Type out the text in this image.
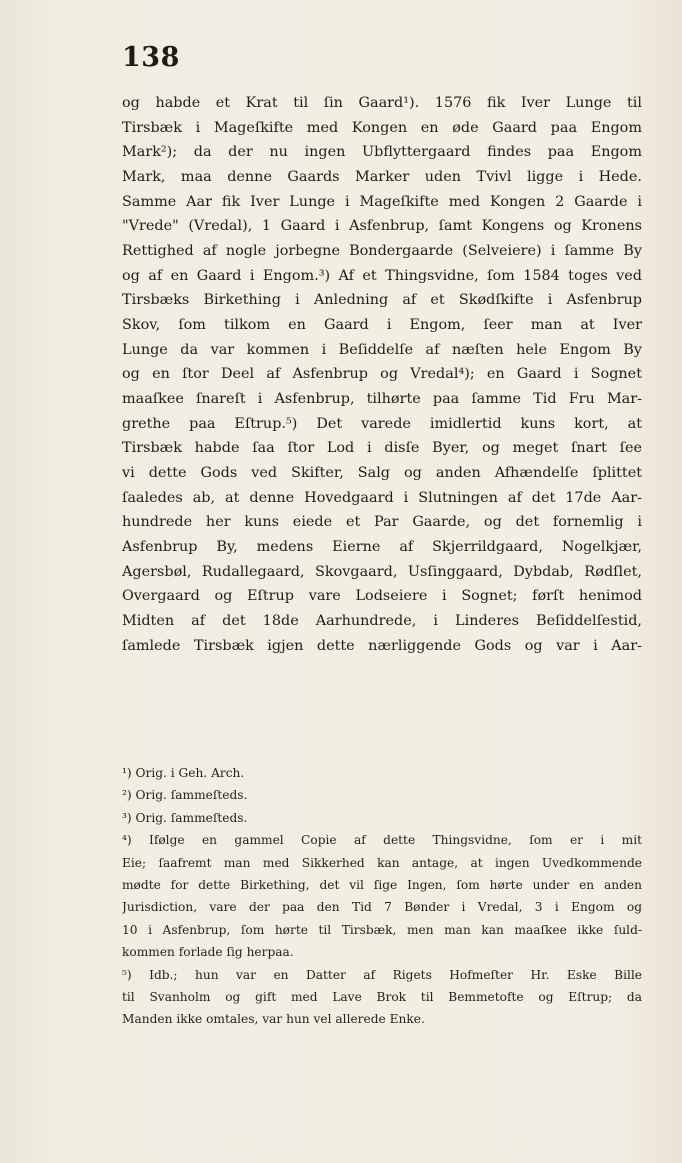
138
og habde et Krat til ſin Gaard¹). 1576 fik Iver Lunge til
Tirsbæk i Mageſkifte med Kongen en øde Gaard paa Engom
Mark²); da der nu ingen Ubflyttergaard findes paa Engom
Mark, maa denne Gaards Marker uden Tvivl ligge i Hede.
Samme Aar fik Iver Lunge i Mageſkifte med Kongen 2 Gaarde i
"Vrede" (Vredal), 1 Gaard i Asfenbrup, ſamt Kongens og Kronens
Rettighed af nogle jorbegne Bondergaarde (Selveiere) i ſamme By
og af en Gaard i Engom.³) Af et Thingsvidne, ſom 1584 toges ved
Tirsbæks Birkething i Anledning af et Skødſkifte i Asfenbrup
Skov, ſom tilkom en Gaard i Engom, ſeer man at Iver
Lunge da var kommen i Beſiddelſe af næſten hele Engom By
og en ſtor Deel af Asfenbrup og Vredal⁴); en Gaard i Sognet
maaſkee ſnareſt i Asfenbrup, tilhørte paa ſamme Tid Fru Mar-
grethe paa Eſtrup.⁵) Det varede imidlertid kuns kort, at
Tirsbæk habde ſaa ſtor Lod i disſe Byer, og meget ſnart ſee
vi dette Gods ved Skifter, Salg og anden Afhændelſe ſplittet
ſaaledes ab, at denne Hovedgaard i Slutningen af det 17de Aar-
hundrede her kuns eiede et Par Gaarde, og det fornemlig i
Asfenbrup By, medens Eierne af Skjerrildgaard, Nogelkjær,
Agersbøl, Rudallegaard, Skovgaard, Usſinggaard, Dybdab, Rødſlet,
Overgaard og Eſtrup vare Lodseiere i Sognet; førſt henimod
Midten af det 18de Aarhundrede, i Linderes Beſiddelſestid,
ſamlede Tirsbæk igjen dette nærliggende Gods og var i Aar-
¹) Orig. i Geh. Arch.
²) Orig. ſammeſteds.
³) Orig. ſammeſteds.
⁴) Ifølge en gammel Copie af dette Thingsvidne, ſom er i mit
Eie; ſaafremt man med Sikkerhed kan antage, at ingen Uvedkommende
mødte for dette Birkething, det vil ſige Ingen, ſom hørte under en anden
Jurisdiction, vare der paa den Tid 7 Bønder i Vredal, 3 i Engom og
10 i Asfenbrup, ſom hørte til Tirsbæk, men man kan maaſkee ikke ſuld-
kommen forlade ſig herpaa.
⁵) Idb.; hun var en Datter af Rigets Hofmeſter Hr. Eske Bille
til Svanholm og gift med Lave Brok til Bemmetofte og Eſtrup; da
Manden ikke omtales, var hun vel allerede Enke.
